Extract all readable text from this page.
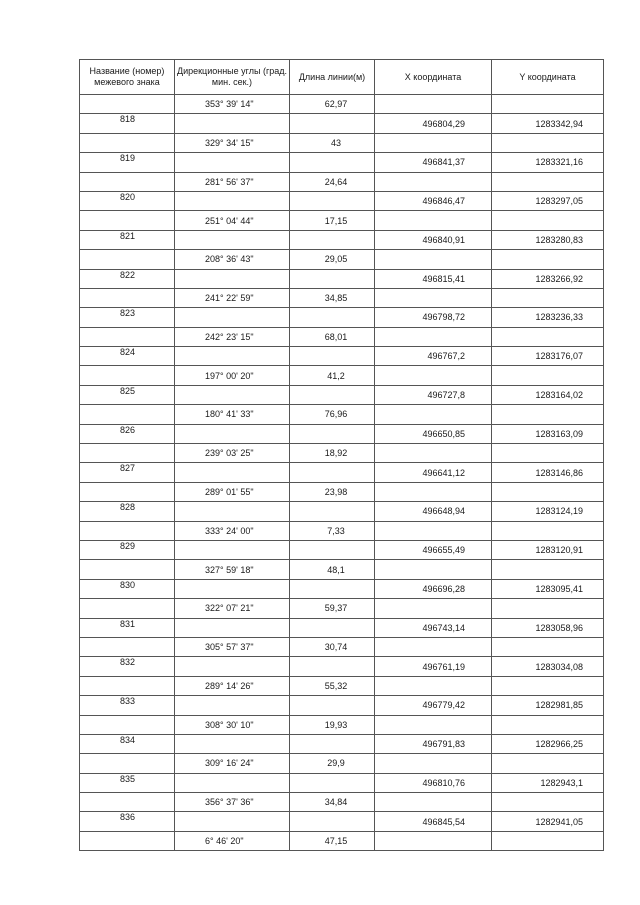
Название (номер) межевого знака	Дирекционные углы (град. мин. сек.)	Длина линии(м)	X координата	Y координата
	353° 39' 14"	62,97		
818			496804,29	1283342,94
	329° 34' 15"	43		
819			496841,37	1283321,16
	281° 56' 37"	24,64		
820			496846,47	1283297,05
	251° 04' 44"	17,15		
821			496840,91	1283280,83
	208° 36' 43"	29,05		
822			496815,41	1283266,92
	241° 22' 59"	34,85		
823			496798,72	1283236,33
	242° 23' 15"	68,01		
824			496767,2	1283176,07
	197° 00' 20"	41,2		
825			496727,8	1283164,02
	180° 41' 33"	76,96		
826			496650,85	1283163,09
	239° 03' 25"	18,92		
827			496641,12	1283146,86
	289° 01' 55"	23,98		
828			496648,94	1283124,19
	333° 24' 00"	7,33		
829			496655,49	1283120,91
	327° 59' 18"	48,1		
830			496696,28	1283095,41
	322° 07' 21"	59,37		
831			496743,14	1283058,96
	305° 57' 37"	30,74		
832			496761,19	1283034,08
	289° 14' 26"	55,32		
833			496779,42	1282981,85
	308° 30' 10"	19,93		
834			496791,83	1282966,25
	309° 16' 24"	29,9		
835			496810,76	1282943,1
	356° 37' 36"	34,84		
836			496845,54	1282941,05
	6° 46' 20"	47,15		
